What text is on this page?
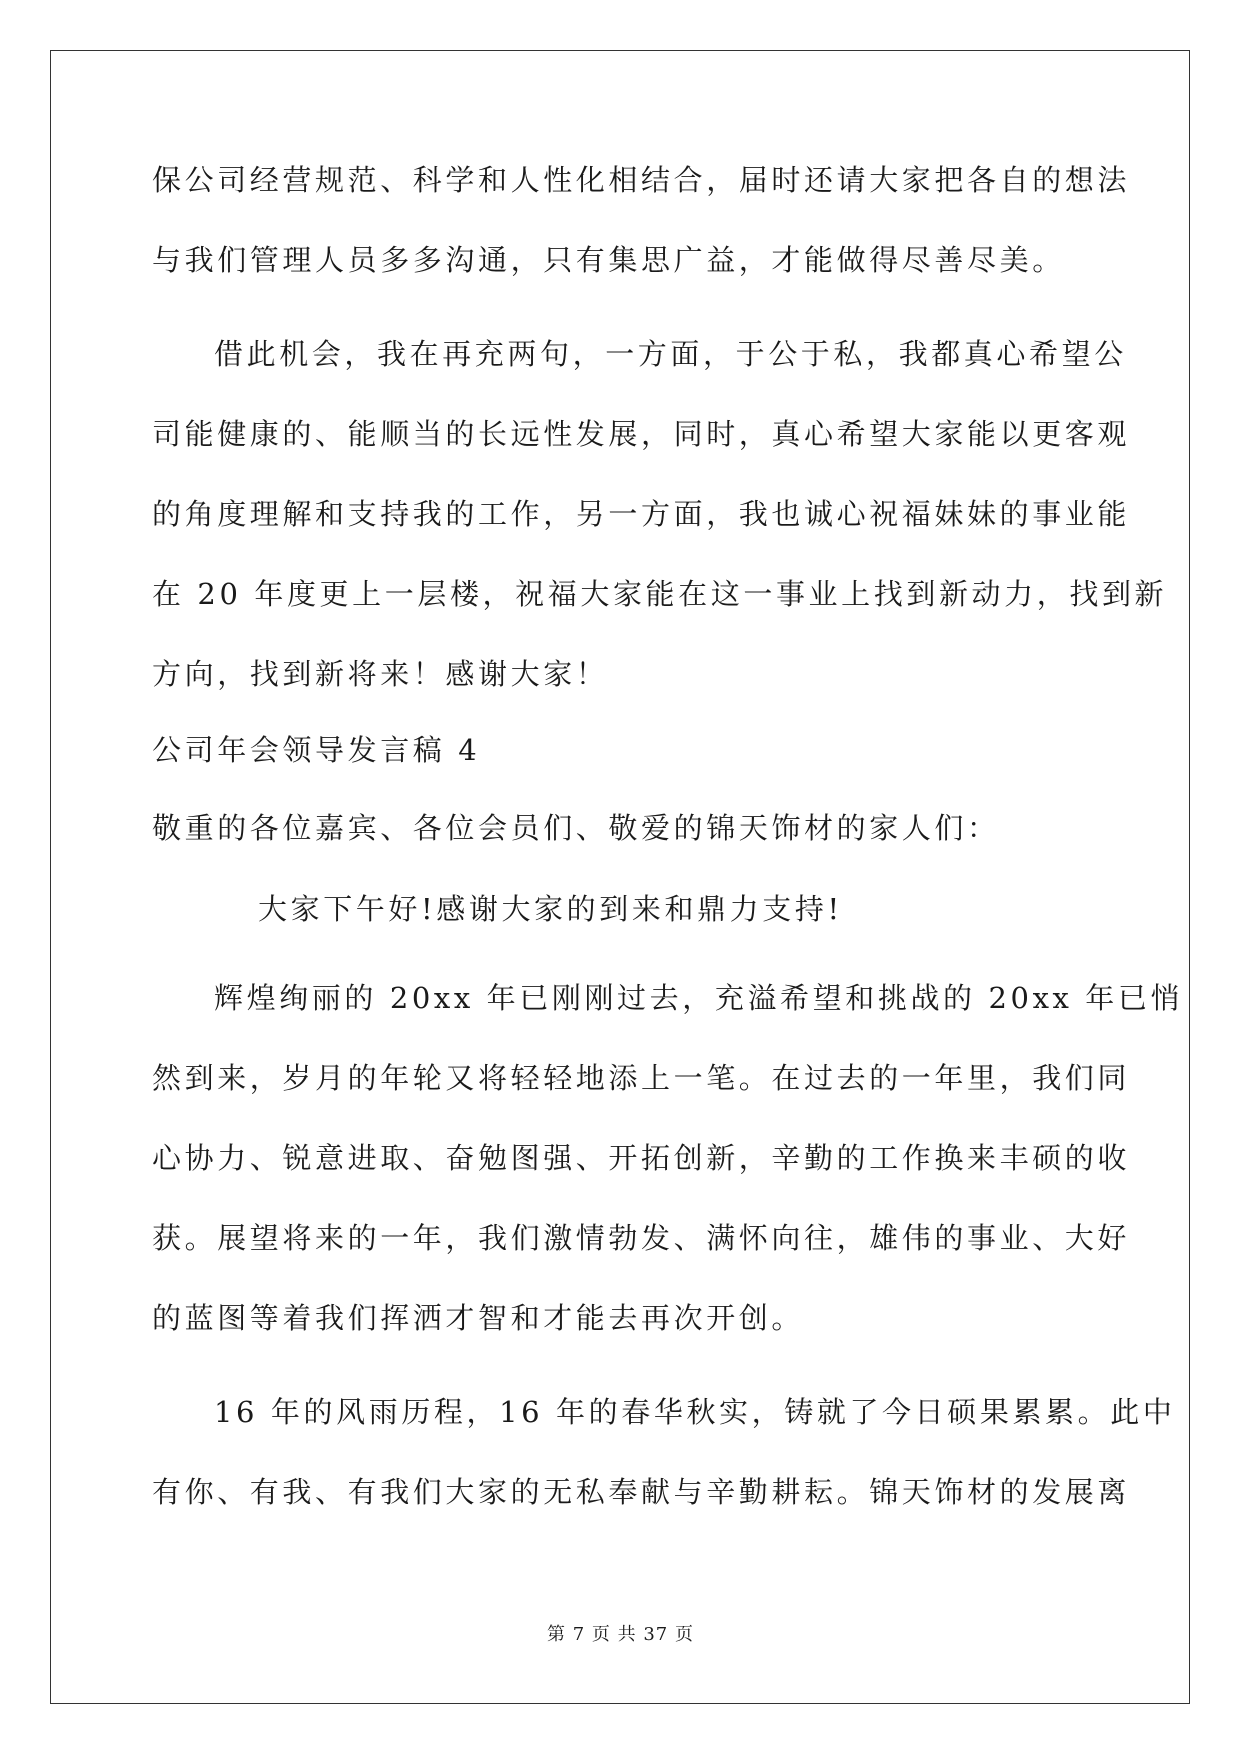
保公司经营规范、科学和人性化相结合，届时还请大家把各自的想法
与我们管理人员多多沟通，只有集思广益，才能做得尽善尽美。
借此机会，我在再充两句，一方面，于公于私，我都真心希望公
司能健康的、能顺当的长远性发展，同时，真心希望大家能以更客观
的角度理解和支持我的工作，另一方面，我也诚心祝福妹妹的事业能
在 20 年度更上一层楼，祝福大家能在这一事业上找到新动力，找到新
方向，找到新将来！感谢大家！
公司年会领导发言稿 4
敬重的各位嘉宾、各位会员们、敬爱的锦天饰材的家人们：
大家下午好!感谢大家的到来和鼎力支持!
辉煌绚丽的 20xx 年已刚刚过去，充溢希望和挑战的 20xx 年已悄
然到来，岁月的年轮又将轻轻地添上一笔。在过去的一年里，我们同
心协力、锐意进取、奋勉图强、开拓创新，辛勤的工作换来丰硕的收
获。展望将来的一年，我们激情勃发、满怀向往，雄伟的事业、大好
的蓝图等着我们挥洒才智和才能去再次开创。
16 年的风雨历程，16 年的春华秋实，铸就了今日硕果累累。此中
有你、有我、有我们大家的无私奉献与辛勤耕耘。锦天饰材的发展离
第 7 页 共 37 页
